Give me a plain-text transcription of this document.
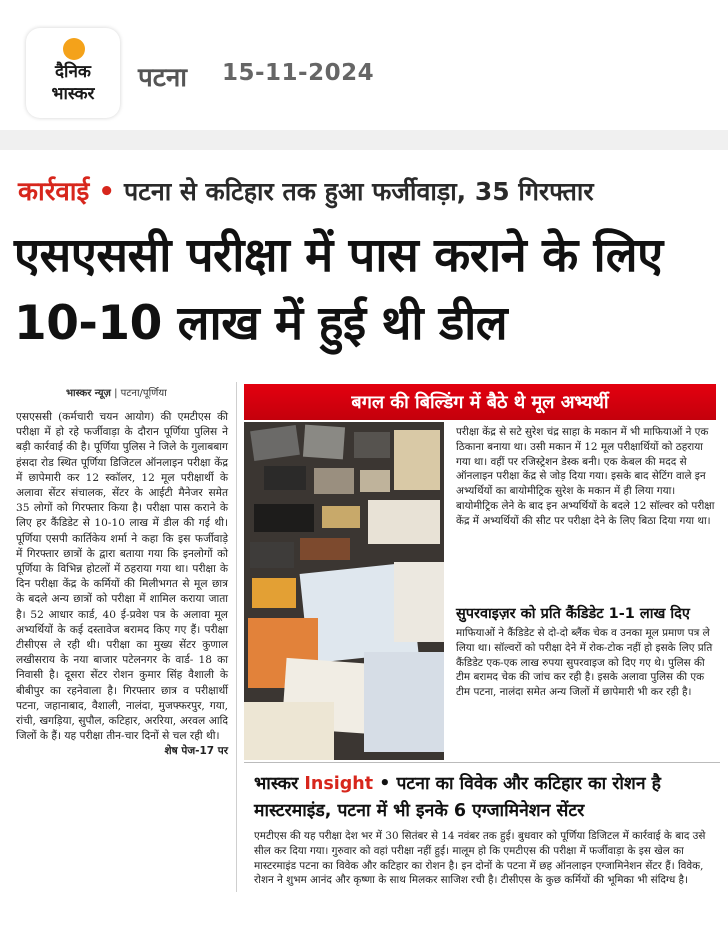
दैनिक
भास्कर
पटना 15-11-2024
कार्रवाई • पटना से कटिहार तक हुआ फर्जीवाड़ा, 35 गिरफ्तार
एसएससी परीक्षा में पास कराने के लिए 10-10 लाख में हुई थी डील
भास्कर न्यूज़ | पटना/पूर्णिया
एसएससी (कर्मचारी चयन आयोग) की एमटीएस की परीक्षा में हो रहे फर्जीवाड़ा के दौरान पूर्णिया पुलिस ने बड़ी कार्रवाई की है। पूर्णिया पुलिस ने जिले के गुलाबबाग हंसदा रोड स्थित पूर्णिया डिजिटल ऑनलाइन परीक्षा केंद्र में छापेमारी कर 12 स्कॉलर, 12 मूल परीक्षार्थी के अलावा सेंटर संचालक, सेंटर के आईटी मैनेजर समेत 35 लोगों को गिरफ्तार किया है। परीक्षा पास कराने के लिए हर कैंडिडेट से 10-10 लाख में डील की गई थी। पूर्णिया एसपी कार्तिकेय शर्मा ने कहा कि इस फर्जीवाड़े में गिरफ्तार छात्रों के द्वारा बताया गया कि इनलोगों को पूर्णिया के विभिन्न होटलों में ठहराया गया था। परीक्षा के दिन परीक्षा केंद्र के कर्मियों की मिलीभगत से मूल छात्र के बदले अन्य छात्रों को परीक्षा में शामिल कराया जाता है। 52 आधार कार्ड, 40 ई-प्रवेश पत्र के अलावा मूल अभ्यर्थियों के कई दस्तावेज बरामद किए गए हैं। परीक्षा टीसीएस ले रही थी। परीक्षा का मुख्य सेंटर कुणाल लखीसराय के नया बाजार पटेलनगर के वार्ड- 18 का निवासी है। दूसरा सेंटर रोशन कुमार सिंह वैशाली के बीबीपुर का रहनेवाला है। गिरफ्तार छात्र व परीक्षार्थी पटना, जहानाबाद, वैशाली, नालंदा, मुजफ्फरपुर, गया, रांची, खगड़िया, सुपौल, कटिहार, अररिया, अरवल आदि जिलों के हैं। यह परीक्षा तीन-चार दिनों से चल रही थी।
शेष पेज-17 पर
बगल की बिल्डिंग में बैठे थे मूल अभ्यर्थी
परीक्षा केंद्र से सटे सुरेश चंद्र साहा के मकान में भी माफियाओं ने एक ठिकाना बनाया था। उसी मकान में 12 मूल परीक्षार्थियों को ठहराया गया था। वहीं पर रजिस्ट्रेशन डेस्क बनी। एक केबल की मदद से ऑनलाइन परीक्षा केंद्र से जोड़ दिया गया। इसके बाद सेटिंग वाले इन अभ्यर्थियों का बायोमीट्रिक सुरेश के मकान में ही लिया गया। बायोमीट्रिक लेने के बाद इन अभ्यर्थियों के बदले 12 सॉल्वर को परीक्षा केंद्र में अभ्यर्थियों की सीट पर परीक्षा देने के लिए बिठा दिया गया था।
सुपरवाइज़र को प्रति कैंडिडेट 1-1 लाख दिए
माफियाओं ने कैंडिडेट से दो-दो ब्लैंक चेक व उनका मूल प्रमाण पत्र ले लिया था। सॉल्वरों को परीक्षा देने में रोक-टोक नहीं हो इसके लिए प्रति कैंडिडेट एक-एक लाख रुपया सुपरवाइज को दिए गए थे। पुलिस की टीम बरामद चेक की जांच कर रही है। इसके अलावा पुलिस की एक टीम पटना, नालंदा समेत अन्य जिलों में छापेमारी भी कर रही है।
भास्कर Insight • पटना का विवेक और कटिहार का रोशन है मास्टरमाइंड, पटना में भी इनके 6 एग्जामिनेशन सेंटर
एमटीएस की यह परीक्षा देश भर में 30 सितंबर से 14 नवंबर तक हुई। बुधवार को पूर्णिया डिजिटल में कार्रवाई के बाद उसे सील कर दिया गया। गुरुवार को वहां परीक्षा नहीं हुई। मालूम हो कि एमटीएस की परीक्षा में फर्जीवाड़ा के इस खेल का मास्टरमाइंड पटना का विवेक और कटिहार का रोशन है। इन दोनों के पटना में छह ऑनलाइन एग्जामिनेशन सेंटर हैं। विवेक, रोशन ने शुभम आनंद और कृष्णा के साथ मिलकर साजिश रची है। टीसीएस के कुछ कर्मियों की भूमिका भी संदिग्ध है।
